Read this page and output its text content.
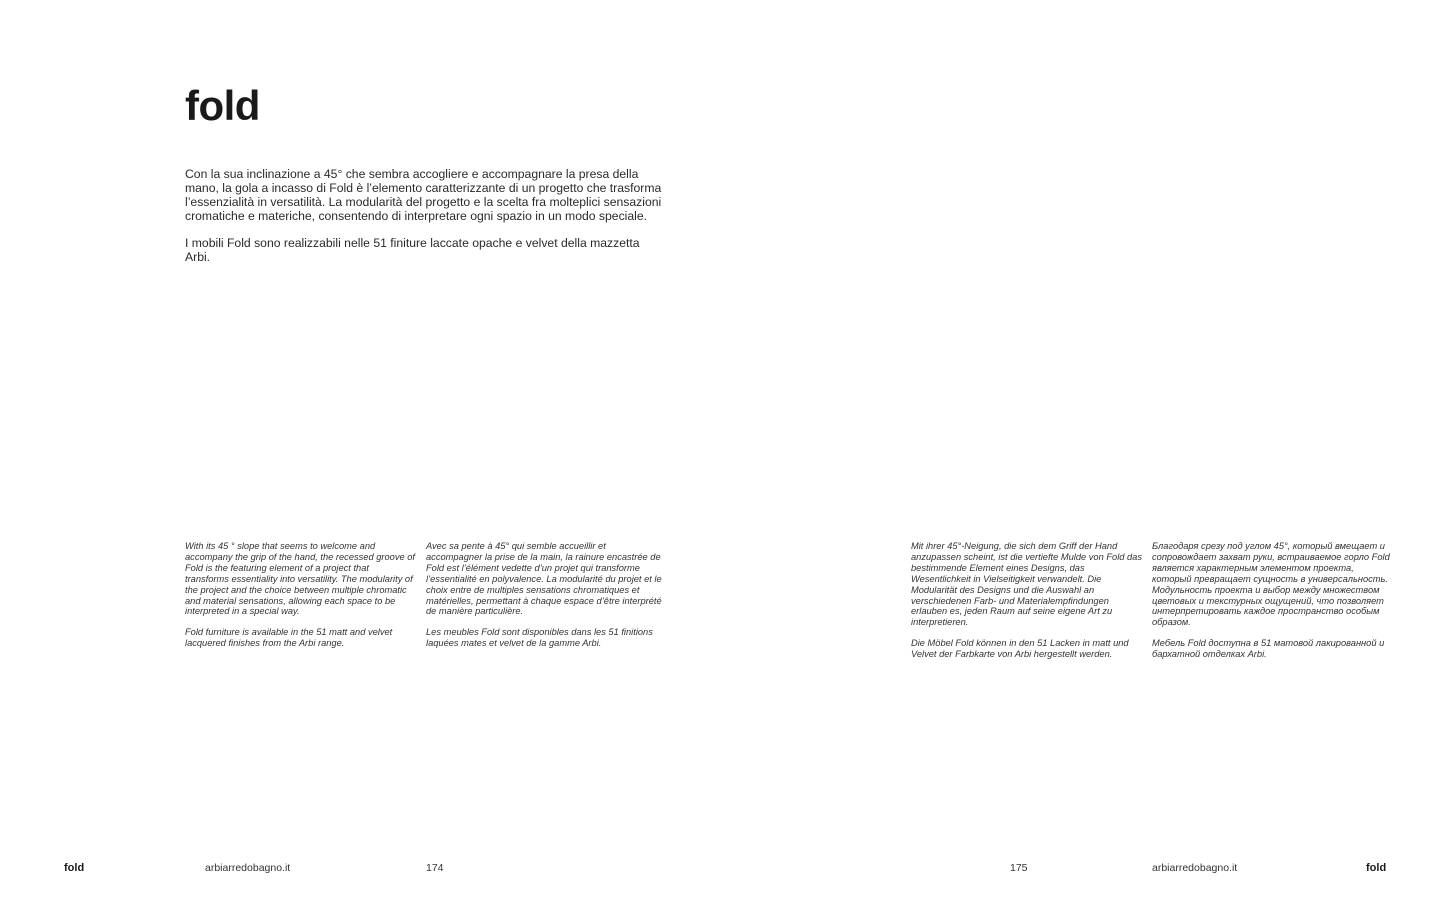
fold

Con la sua inclinazione a 45° che sembra accogliere e accompagnare la presa della mano, la gola a incasso di Fold è l’elemento caratterizzante di un progetto che trasforma l’essenzialità in versatilità. La modularità del progetto e la scelta fra molteplici sensazioni cromatiche e materiche, consentendo di interpretare ogni spazio in un modo speciale.

I mobili Fold sono realizzabili nelle 51 finiture laccate opache e velvet della mazzetta Arbi.

With its 45 ° slope that seems to welcome and accompany the grip of the hand, the recessed groove of Fold is the featuring element of a project that transforms essentiality into versatility. The modularity of the project and the choice between multiple chromatic and material sensations, allowing each space to be interpreted in a special way.

Fold furniture is available in the 51 matt and velvet lacquered finishes from the Arbi range.

Avec sa pente à 45° qui semble accueillir et accompagner la prise de la main, la rainure encastrée de Fold est l’élément vedette d’un projet qui transforme l’essentialité en polyvalence. La modularité du projet et le choix entre de multiples sensations chromatiques et matérielles, permettant à chaque espace d’être interprété de manière particulière.

Les meubles Fold sont disponibles dans les 51 finitions laquées mates et velvet de la gamme Arbi.

Mit ihrer 45°-Neigung, die sich dem Griff der Hand anzupassen scheint, ist die vertiefte Mulde von Fold das bestimmende Element eines Designs, das Wesentlichkeit in Vielseitigkeit verwandelt. Die Modularität des Designs und die Auswahl an verschiedenen Farb- und Materialempfindungen erlauben es, jeden Raum auf seine eigene Art zu interpretieren.

Die Möbel Fold können in den 51 Lacken in matt und Velvet der Farbkarte von Arbi hergestellt werden.

Благодаря срезу под углом 45°, который вмещает и сопровождает захват руки, встраиваемое горло Fold является характерным элементом проекта, который превращает сущность в универсальность. Модульность проекта и выбор между множеством цветовых и текстурных ощущений, что позволяет интерпретировать каждое пространство особым образом.

Мебель Fold доступна в 51 матовой лакированной и бархатной отделках Arbi.

fold	arbiarredobagno.it	174	175	arbiarredobagno.it	fold
